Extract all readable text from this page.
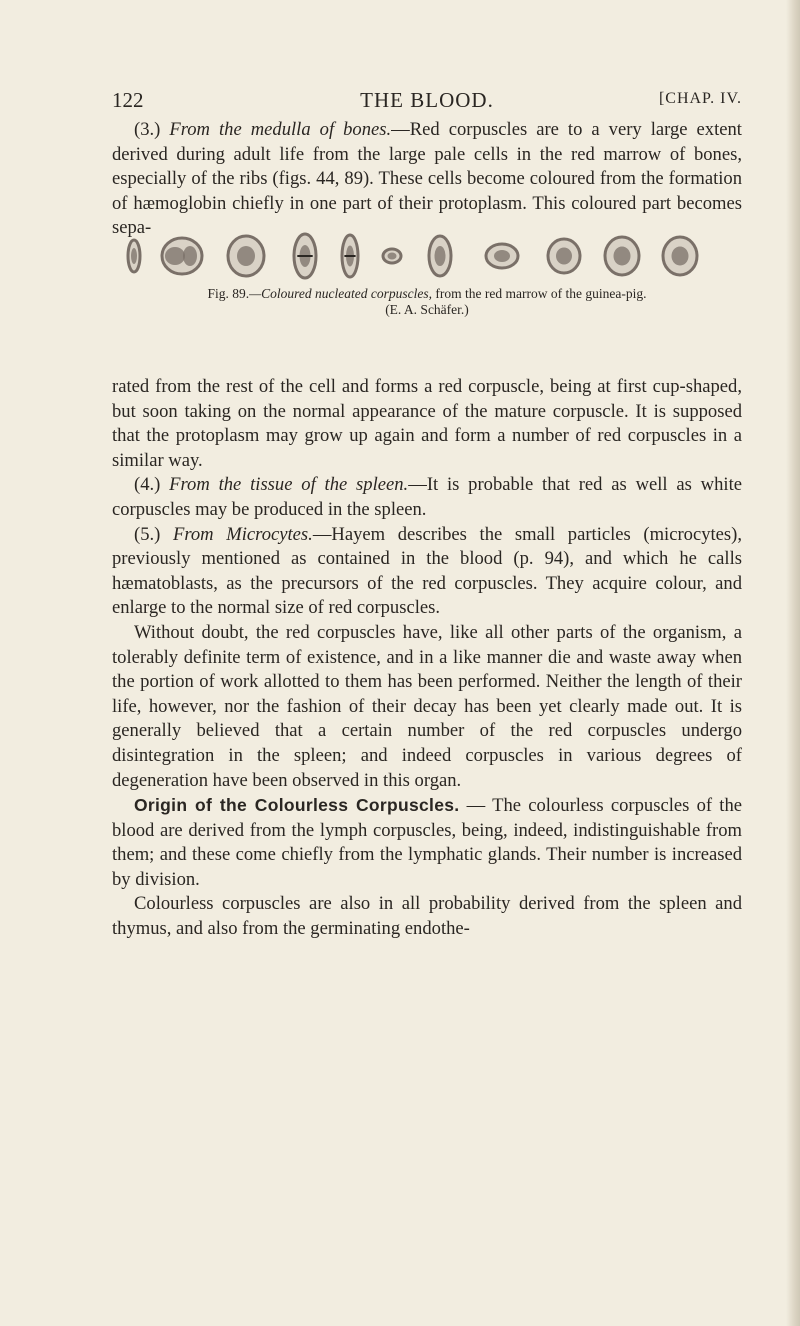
122	THE BLOOD.	[CHAP. IV.

(3.) From the medulla of bones.—Red corpuscles are to a very large extent derived during adult life from the large pale cells in the red marrow of bones, especially of the ribs (figs. 44, 89). These cells become coloured from the formation of hæmoglobin chiefly in one part of their protoplasm. This coloured part becomes sepa-

Fig. 89.—Coloured nucleated corpuscles, from the red marrow of the guinea-pig.
(E. A. Schäfer.)

rated from the rest of the cell and forms a red corpuscle, being at first cup-shaped, but soon taking on the normal appearance of the mature corpuscle. It is supposed that the protoplasm may grow up again and form a number of red corpuscles in a similar way.

(4.) From the tissue of the spleen.—It is probable that red as well as white corpuscles may be produced in the spleen.

(5.) From Microcytes.—Hayem describes the small particles (microcytes), previously mentioned as contained in the blood (p. 94), and which he calls hæmatoblasts, as the precursors of the red corpuscles. They acquire colour, and enlarge to the normal size of red corpuscles.

Without doubt, the red corpuscles have, like all other parts of the organism, a tolerably definite term of existence, and in a like manner die and waste away when the portion of work allotted to them has been performed. Neither the length of their life, however, nor the fashion of their decay has been yet clearly made out. It is generally believed that a certain number of the red corpuscles undergo disintegration in the spleen; and indeed corpuscles in various degrees of degeneration have been observed in this organ.

Origin of the Colourless Corpuscles. — The colourless corpuscles of the blood are derived from the lymph corpuscles, being, indeed, indistinguishable from them; and these come chiefly from the lymphatic glands. Their number is increased by division.

Colourless corpuscles are also in all probability derived from the spleen and thymus, and also from the germinating endothe-
